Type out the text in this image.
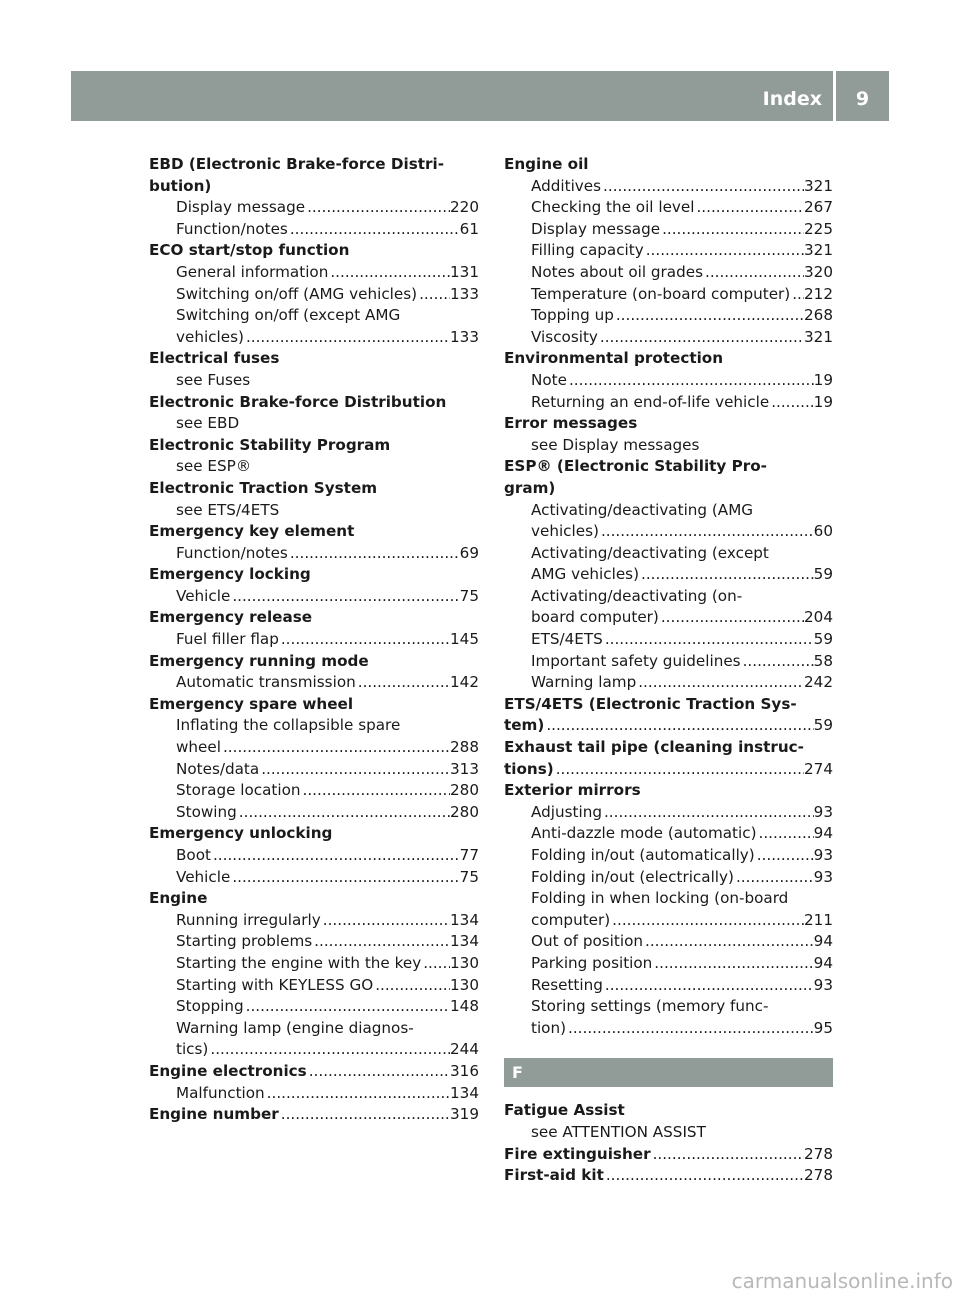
Index	9
EBD (Electronic Brake-force Distri-
bution)
Display message .....	220
Function/notes .....	61
ECO start/stop function
General information .....	131
Switching on/off (AMG vehicles) ..... 133
Switching on/off (except AMG
vehicles) .....	133
Electrical fuses
see Fuses
Electronic Brake-force Distribution
see EBD
Electronic Stability Program
see ESP®
Electronic Traction System
see ETS/4ETS
Emergency key element
Function/notes .....	69
Emergency locking
Vehicle .....	75
Emergency release
Fuel filler flap .....	145
Emergency running mode
Automatic transmission .....	142
Emergency spare wheel
Inflating the collapsible spare
wheel .....	288
Notes/data .....	313
Storage location .....	280
Stowing .....	280
Emergency unlocking
Boot .....	77
Vehicle .....	75
Engine
Running irregularly .....	134
Starting problems .....	134
Starting the engine with the key ..... 130
Starting with KEYLESS GO .....	130
Stopping .....	148
Warning lamp (engine diagnos-
tics) .....	244
Engine electronics .....	316
Malfunction .....	134
Engine number .....	319
Engine oil
Additives .....	321
Checking the oil level .....	267
Display message .....	225
Filling capacity .....	321
Notes about oil grades .....	320
Temperature (on-board computer) ..... 212
Topping up .....	268
Viscosity .....	321
Environmental protection
Note .....	19
Returning an end-of-life vehicle .....	19
Error messages
see Display messages
ESP® (Electronic Stability Pro-
gram)
Activating/deactivating (AMG
vehicles) .....	60
Activating/deactivating (except
AMG vehicles) .....	59
Activating/deactivating (on-
board computer) .....	204
ETS/4ETS .....	59
Important safety guidelines .....	58
Warning lamp .....	242
ETS/4ETS (Electronic Traction Sys-
tem) .....	59
Exhaust tail pipe (cleaning instruc-
tions) .....	274
Exterior mirrors
Adjusting .....	93
Anti-dazzle mode (automatic) .....	94
Folding in/out (automatically) .....	93
Folding in/out (electrically) .....	93
Folding in when locking (on-board
computer) .....	211
Out of position .....	94
Parking position .....	94
Resetting .....	93
Storing settings (memory func-
tion) .....	95
F
Fatigue Assist
see ATTENTION ASSIST
Fire extinguisher .....	278
First-aid kit .....	278
carmanualsonline.info
